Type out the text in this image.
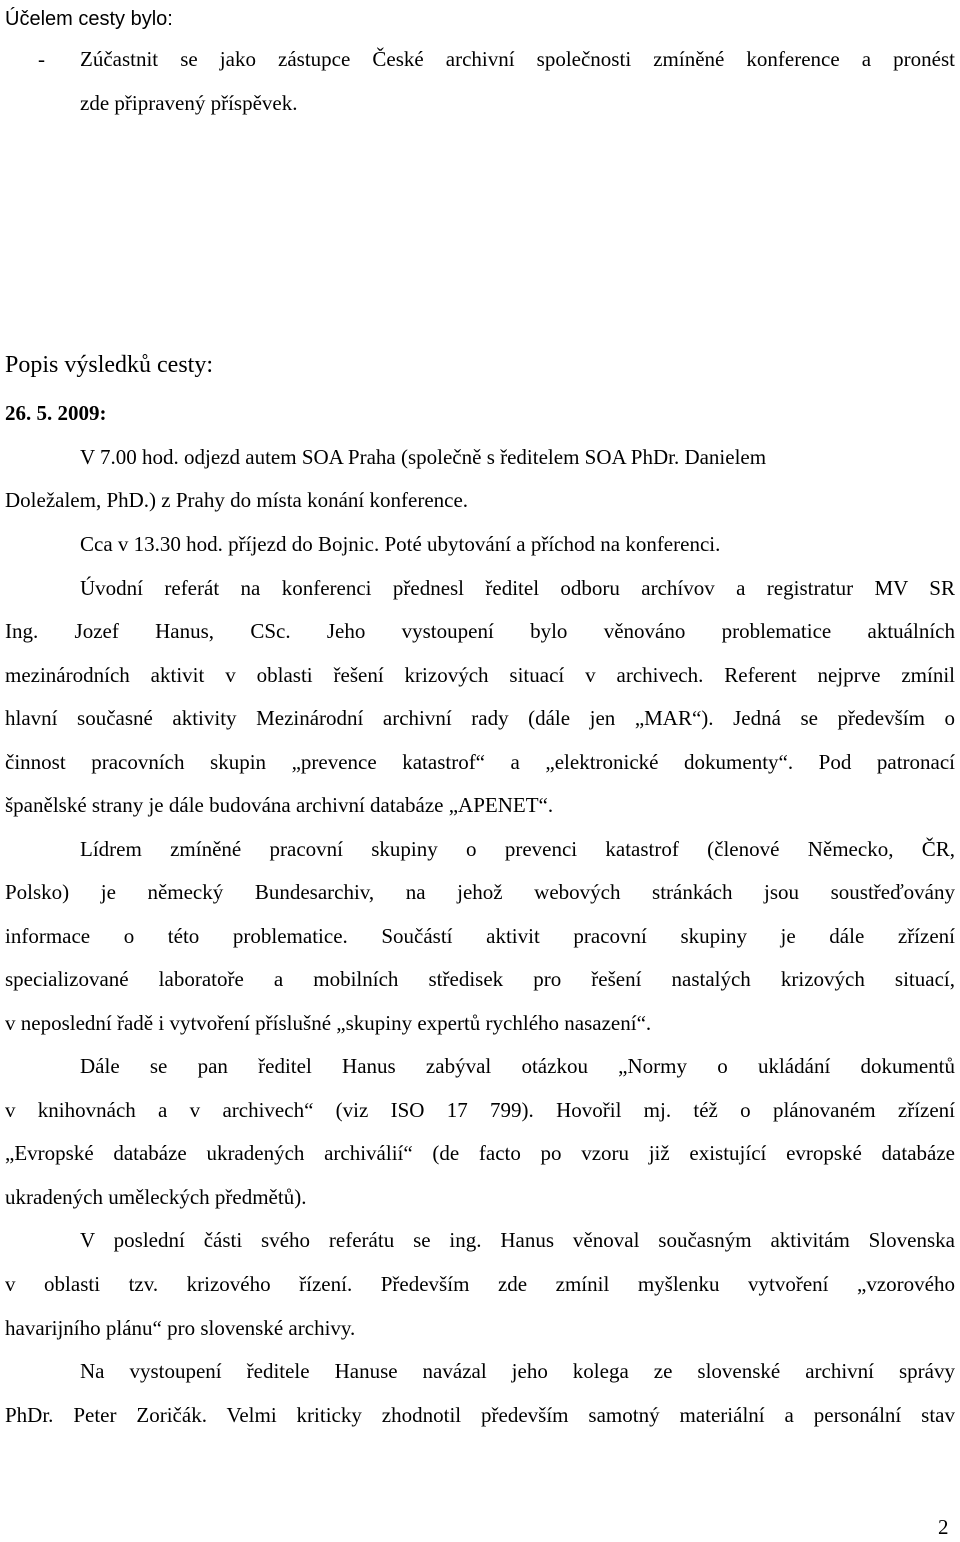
Účelem cesty bylo:
- Zúčastnit se jako zástupce České archivní společnosti zmíněné konference a pronést
zde připravený příspěvek.
Popis výsledků cesty:
26. 5. 2009:
V 7.00 hod. odjezd autem SOA Praha (společně s ředitelem SOA PhDr. Danielem
Doležalem, PhD.) z Prahy do místa konání konference.
Cca v 13.30 hod. příjezd do Bojnic. Poté ubytování a příchod na konferenci.
Úvodní referát na konferenci přednesl ředitel odboru archívov a registratur MV SR
Ing. Jozef Hanus, CSc. Jeho vystoupení bylo věnováno problematice aktuálních
mezinárodních aktivit v oblasti řešení krizových situací v archivech. Referent nejprve zmínil
hlavní současné aktivity Mezinárodní archivní rady (dále jen „MAR“). Jedná se především o
činnost pracovních skupin „prevence katastrof“ a „elektronické dokumenty“. Pod patronací
španělské strany je dále budována archivní databáze „APENET“.
Lídrem zmíněné pracovní skupiny o prevenci katastrof (členové Německo, ČR,
Polsko) je německý Bundesarchiv, na jehož webových stránkách jsou soustřeďovány
informace o této problematice. Součástí aktivit pracovní skupiny je dále zřízení
specializované laboratoře a mobilních středisek pro řešení nastalých krizových situací,
v neposlední řadě i vytvoření příslušné „skupiny expertů rychlého nasazení“.
Dále se pan ředitel Hanus zabýval otázkou „Normy o ukládání dokumentů
v knihovnách a v archivech“ (viz ISO 17 799). Hovořil mj. též o plánovaném zřízení
„Evropské databáze ukradených archiválií“ (de facto po vzoru již existující evropské databáze
ukradených uměleckých předmětů).
V poslední části svého referátu se ing. Hanus věnoval současným aktivitám Slovenska
v oblasti tzv. krizového řízení. Především zde zmínil myšlenku vytvoření „vzorového
havarijního plánu“ pro slovenské archivy.
Na vystoupení ředitele Hanuse navázal jeho kolega ze slovenské archivní správy
PhDr. Peter Zoričák. Velmi kriticky zhodnotil především samotný materiální a personální stav
2
